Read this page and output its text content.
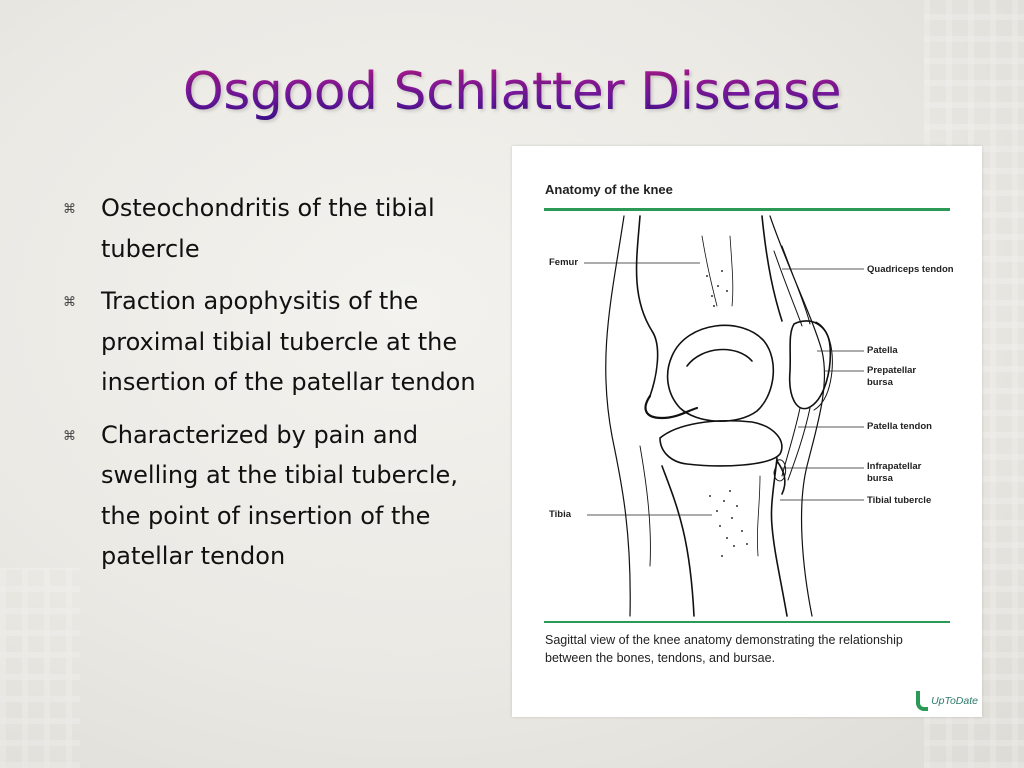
Osgood Schlatter Disease
⌘ Osteochondritis of the tibial tubercle
⌘ Traction apophysitis of the proximal tibial tubercle at the insertion of the patellar tendon
⌘ Characterized by pain and swelling at the tibial tubercle, the point of insertion of the patellar tendon
Anatomy of the knee
Femur
Quadriceps tendon
Patella
Prepatellar bursa
Patella tendon
Infrapatellar bursa
Tibial tubercle
Tibia
Sagittal view of the knee anatomy demonstrating the relationship between the bones, tendons, and bursae.
UpToDate
